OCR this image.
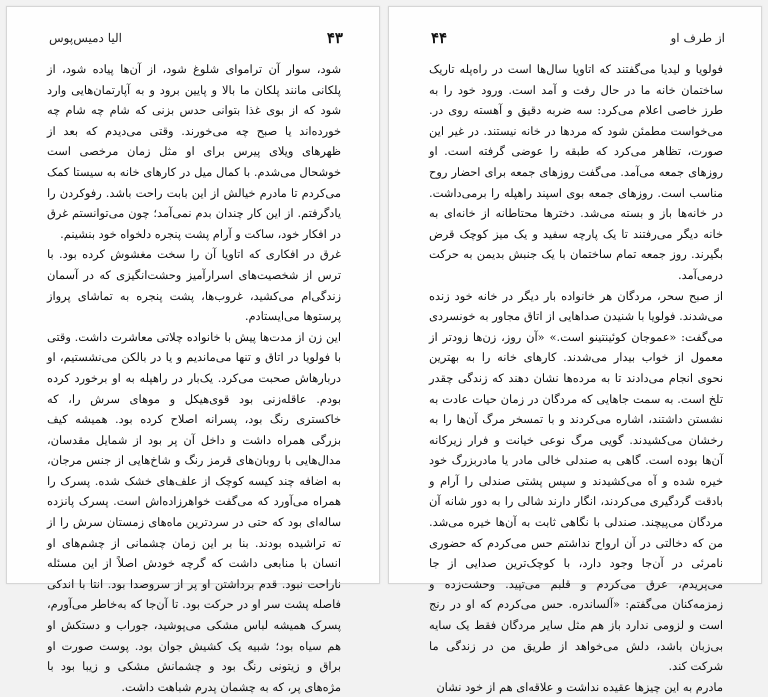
۴۳
الیا دمیس‌پوس

شود، سوار آن تراموای شلوغ شود، از آن‌ها پیاده شود، از پلکانی مانند پلکان ما بالا و پایین برود و به آپارتمان‌هایی وارد شود که از بوی غذا بتوانی حدس بزنی که شام چه شام چه خورده‌اند یا صبح چه می‌خورند. وقتی می‌دیدم که بعد از ظهرهای ویلای پیرس برای او مثل زمان مرخصی است خوشحال می‌شدم. با کمال میل در کارهای خانه به سیستا کمک می‌کردم تا مادرم خیالش از این بابت راحت باشد. رفوکردن را یادگرفتم. از این کار چندان بدم نمی‌آمد؛ چون می‌توانستم غرق در افکار خود، ساکت و آرام پشت پنجره دلخواه خود بنشینم.

غرق در افکاری که اتاویا آن را سخت مغشوش کرده بود. با ترس از شخصیت‌های اسرارآمیز وحشت‌انگیزی که در آسمان زندگی‌ام می‌کشید، غروب‌ها، پشت پنجره به تماشای پرواز پرستوها می‌ایستادم.

این زن از مدت‌ها پیش با خانواده چلاتی معاشرت داشت. وقتی با فولویا در اتاق و تنها می‌ماندیم و یا در بالکن می‌نشستیم، او دربارهاش صحبت می‌کرد. یک‌بار در راهپله به او برخورد کرده بودم. عاقله‌زنی بود قوی‌هیکل و موهای سرش را، که خاکستری رنگ بود، پسرانه اصلاح کرده بود. همیشه کیف بزرگی همراه داشت و داخل آن پر بود از شمایل مقدسان، مدال‌هایی با روبان‌های قرمز رنگ و شاخ‌هایی از جنس مرجان، به اضافه چند کیسه کوچک از علف‌های خشک شده. پسرک را همراه می‌آورد که می‌گفت خواهرزاده‌اش است. پسرک پانزده ساله‌ای بود که حتی در سردترین ماه‌های زمستان سرش را از ته تراشیده بودند. بنا بر این زمان چشمانی از چشم‌های او انسان با منابعی داشت که گرچه خودش اصلاً از این مسئله ناراحت نبود. قدم برداشتن او پر از سروصدا بود. انتا با اندکی فاصله پشت سر او در حرکت بود. تا آن‌جا که به‌خاطر می‌آورم، پسرک همیشه لباس مشکی می‌پوشید، جوراب و دستکش او هم سیاه بود؛ شبیه یک کشیش جوان بود. پوست صورت او براق و زیتونی رنگ بود و چشمانش مشکی و زیبا بود با مژه‌های پر، که به چشمان پدرم شباهت داشت.

از طرف او
۴۴

فولویا و لیدیا می‌گفتند که اتاویا سال‌ها است در راه‌پله تاریک ساختمان خانه ما در حال رفت و آمد است. ورود خود را به طرز خاصی اعلام می‌کرد: سه ضربه دقیق و آهسته روی در. می‌خواست مطمئن شود که مردها در خانه نیستند. در غیر این صورت، تظاهر می‌کرد که طبقه را عوضی گرفته است. او روزهای جمعه می‌آمد. می‌گفت روزهای جمعه برای احضار روح مناسب است. روزهای جمعه بوی اسپند راهپله را برمی‌داشت. در خانه‌ها باز و بسته می‌شد. دخترها محتاطانه از خانه‌ای به خانه دیگر می‌رفتند تا یک پارچه سفید و یک میز کوچک قرض بگیرند. روز جمعه تمام ساختمان با یک جنبش بدیمن به حرکت درمی‌آمد.

از صبح سحر، مردگان هر خانواده بار دیگر در خانه خود زنده می‌شدند. فولویا با شنیدن صداهایی از اتاق مجاور به خونسردی می‌گفت: «عموجان کوئینتینو است.» «آن روز، زن‌ها زودتر از معمول از خواب بیدار می‌شدند. کارهای خانه را به بهترین نحوی انجام می‌دادند تا به مرده‌ها نشان دهند که زندگی چقدر تلخ است. به سمت جاهایی که مردگان در زمان حیات عادت به نشستن داشتند، اشاره می‌کردند و با تمسخر مرگ آن‌ها را به رخشان می‌کشیدند. گویی مرگ نوعی خیانت و فرار زیرکانه آن‌ها بوده است. گاهی به صندلی خالی مادر یا مادربزرگ خود خیره شده و آه می‌کشیدند و سپس پشتی صندلی را آرام و بادقت گردگیری می‌کردند، انگار دارند شالی را به دور شانه آن مردگان می‌پیچند. صندلی با نگاهی ثابت به آن‌ها خیره می‌شد. من که دخالتی در آن ارواح نداشتم حس می‌کردم که حضوری نامرئی در آن‌جا وجود دارد، با کوچک‌ترین صدایی از جا می‌پریدم، عرق می‌کردم و قلبم می‌تپید. وحشت‌زده و زمزمه‌کنان می‌گفتم: «آلساندره. حس می‌کردم که او در رنج است و لزومی ندارد باز هم مثل سایر مردگان فقط یک سایه بی‌زبان باشد، دلش می‌خواهد از طریق من در زندگی ما شرکت کند.

مادرم به این چیزها عقیده نداشت و علاقه‌ای هم از خود نشان
